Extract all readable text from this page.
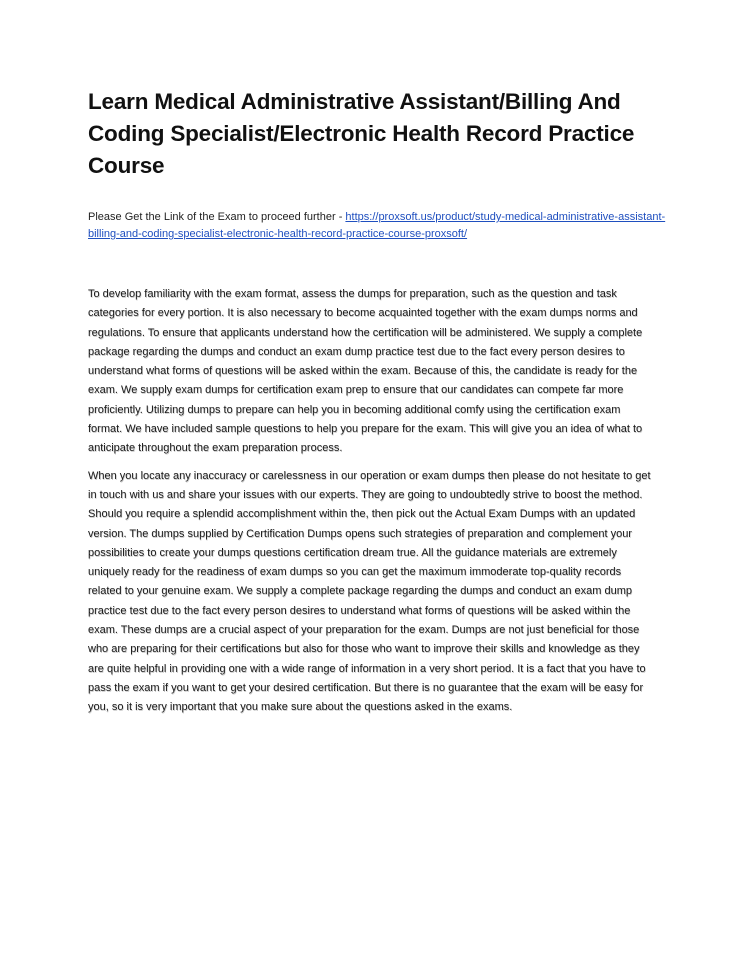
Learn Medical Administrative Assistant/Billing And Coding Specialist/Electronic Health Record Practice Course
Please Get the Link of the Exam to proceed further - https://proxsoft.us/product/study-medical-administrative-assistant-billing-and-coding-specialist-electronic-health-record-practice-course-proxsoft/

To develop familiarity with the exam format, assess the dumps for preparation, such as the question and task categories for every portion. It is also necessary to become acquainted together with the exam dumps norms and regulations. To ensure that applicants understand how the certification will be administered. We supply a complete package regarding the dumps and conduct an exam dump practice test due to the fact every person desires to understand what forms of questions will be asked within the exam. Because of this, the candidate is ready for the exam. We supply exam dumps for certification exam prep to ensure that our candidates can compete far more proficiently. Utilizing dumps to prepare can help you in becoming additional comfy using the certification exam format. We have included sample questions to help you prepare for the exam. This will give you an idea of what to anticipate throughout the exam preparation process.

When you locate any inaccuracy or carelessness in our operation or exam dumps then please do not hesitate to get in touch with us and share your issues with our experts. They are going to undoubtedly strive to boost the method. Should you require a splendid accomplishment within the, then pick out the Actual Exam Dumps with an updated version. The dumps supplied by Certification Dumps opens such strategies of preparation and complement your possibilities to create your dumps questions certification dream true. All the guidance materials are extremely uniquely ready for the readiness of exam dumps so you can get the maximum immoderate top-quality records related to your genuine exam. We supply a complete package regarding the dumps and conduct an exam dump practice test due to the fact every person desires to understand what forms of questions will be asked within the exam. These dumps are a crucial aspect of your preparation for the exam. Dumps are not just beneficial for those who are preparing for their certifications but also for those who want to improve their skills and knowledge as they are quite helpful in providing one with a wide range of information in a very short period. It is a fact that you have to pass the exam if you want to get your desired certification. But there is no guarantee that the exam will be easy for you, so it is very important that you make sure about the questions asked in the exams.
